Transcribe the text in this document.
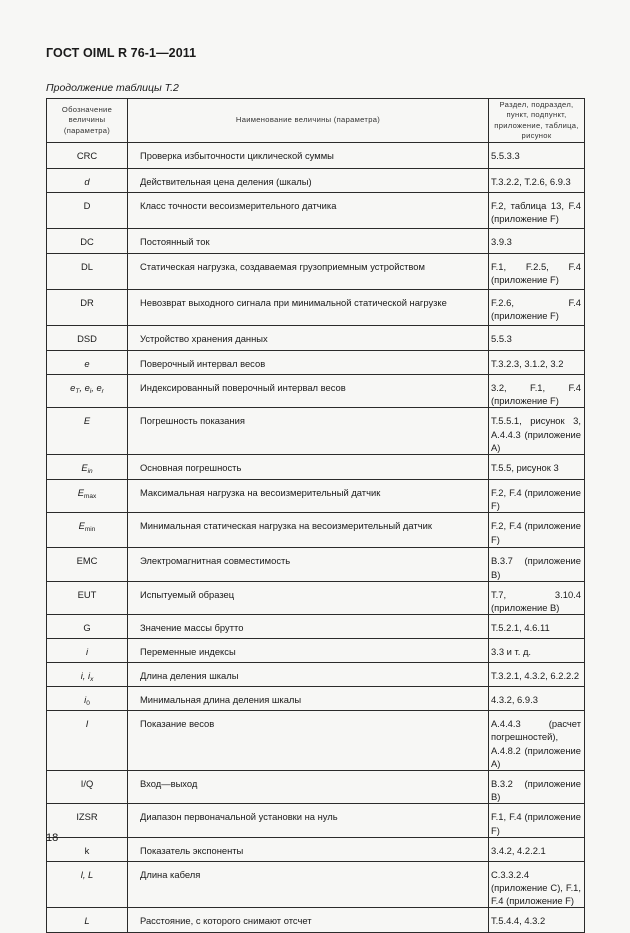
ГОСТ OIML R 76-1—2011
Продолжение таблицы Т.2
Обозначение величины (параметра)	Наименование величины (параметра)	Раздел, подраздел, пункт, подпункт, приложение, таблица, рисунок
CRC	Проверка избыточности циклической суммы	5.5.3.3
d	Действительная цена деления (шкалы)	Т.3.2.2, Т.2.6, 6.9.3
D	Класс точности весоизмерительного датчика	F.2, таблица 13, F.4 (приложение F)
DC	Постоянный ток	3.9.3
DL	Статическая нагрузка, создаваемая грузоприемным устройством	F.1, F.2.5, F.4 (приложение F)
DR	Невозврат выходного сигнала при минимальной статической нагрузке	F.2.6, F.4 (приложение F)
DSD	Устройство хранения данных	5.5.3
e	Поверочный интервал весов	Т.3.2.3, 3.1.2, 3.2
$e_T$, $e_i$, $e_r$	Индексированный поверочный интервал весов	3.2, F.1, F.4 (приложение F)
E	Погрешность показания	Т.5.5.1, рисунок 3, А.4.4.3 (приложение А)
$E_{in}$	Основная погрешность	Т.5.5, рисунок 3
$E_{max}$	Максимальная нагрузка на весоизмерительный датчик	F.2, F.4 (приложение F)
$E_{min}$	Минимальная статическая нагрузка на весоизмерительный датчик	F.2, F.4 (приложение F)
EMC	Электромагнитная совместимость	B.3.7 (приложение B)
EUT	Испытуемый образец	Т.7, 3.10.4 (приложение B)
G	Значение массы брутто	Т.5.2.1, 4.6.11
i	Переменные индексы	3.3 и т. д.
i, $i_x$	Длина деления шкалы	Т.3.2.1, 4.3.2, 6.2.2.2
$i_0$	Минимальная длина деления шкалы	4.3.2, 6.9.3
I	Показание весов	А.4.4.3 (расчет погрешностей), А.4.8.2 (приложение А)
I/Q	Вход—выход	B.3.2 (приложение B)
IZSR	Диапазон первоначальной установки на нуль	F.1, F.4 (приложение F)
k	Показатель экспоненты	3.4.2, 4.2.2.1
l, L	Длина кабеля	С.3.3.2.4 (приложение С), F.1, F.4 (приложение F)
L	Расстояние, с которого снимают отсчет	Т.5.4.4, 4.3.2
18
